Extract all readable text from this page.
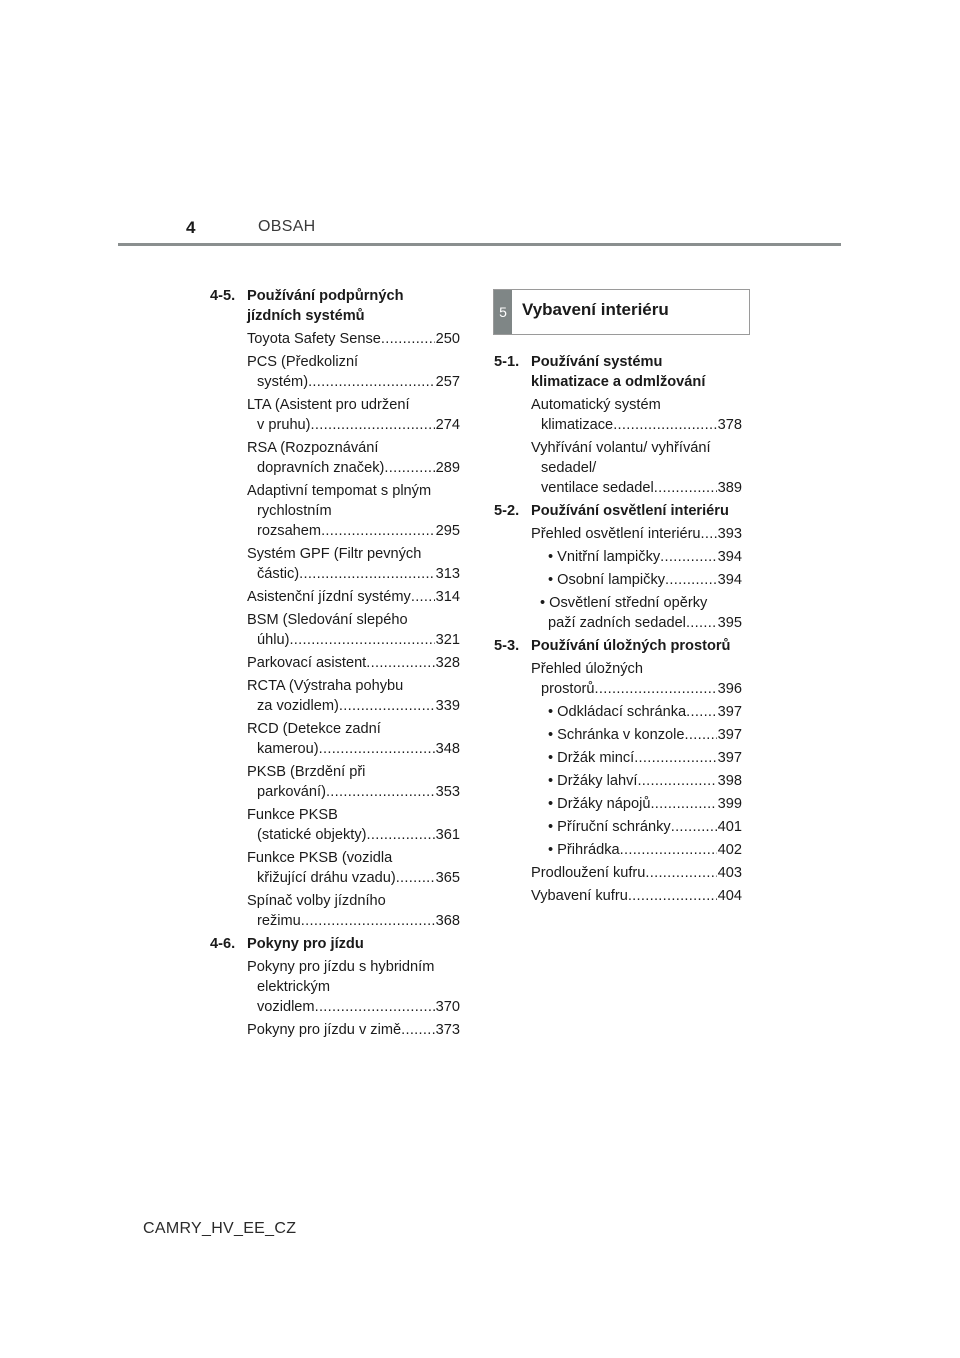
4	OBSAH
4-5. Používání podpůrných jízdních systémů
Toyota Safety Sense .....	250
PCS (Předkolizní
systém) .....	257
LTA (Asistent pro udržení
v pruhu) .....	274
RSA (Rozpoznávání
dopravních značek) .....	289
Adaptivní tempomat s plným rychlostním
rozsahem .....	295
Systém GPF (Filtr pevných
částic) .....	313
Asistenční jízdní systémy ..... 314
BSM (Sledování slepého
úhlu) .....	321
Parkovací asistent .....	328
RCTA (Výstraha pohybu
za vozidlem) .....	339
RCD (Detekce zadní
kamerou) .....	348
PKSB (Brzdění při
parkování) .....	353
Funkce PKSB
(statické objekty) .....	361
Funkce PKSB (vozidla
křižující dráhu vzadu) .....	365
Spínač volby jízdního
režimu .....	368
4-6. Pokyny pro jízdu
Pokyny pro jízdu s hybridním elektrickým
vozidlem .....	370
Pokyny pro jízdu v zimě ..... 373
5 Vybavení interiéru
5-1. Používání systému klimatizace a odmlžování
Automatický systém
klimatizace .....	378
Vyhřívání volantu/ vyhřívání sedadel/
ventilace sedadel .....	389
5-2. Používání osvětlení interiéru
Přehled osvětlení interiéru ..... 393
• Vnitřní lampičky .....	394
• Osobní lampičky .....	394
• Osvětlení střední opěrky
paží zadních sedadel ..... 395
5-3. Používání úložných prostorů
Přehled úložných
prostorů .....	396
• Odkládací schránka ..... 397
• Schránka v konzole ..... 397
• Držák mincí .....	397
• Držáky lahví .....	398
• Držáky nápojů .....	399
• Příruční schránky .....	401
• Přihrádka .....	402
Prodloužení kufru .....	403
Vybavení kufru .....	404
CAMRY_HV_EE_CZ
